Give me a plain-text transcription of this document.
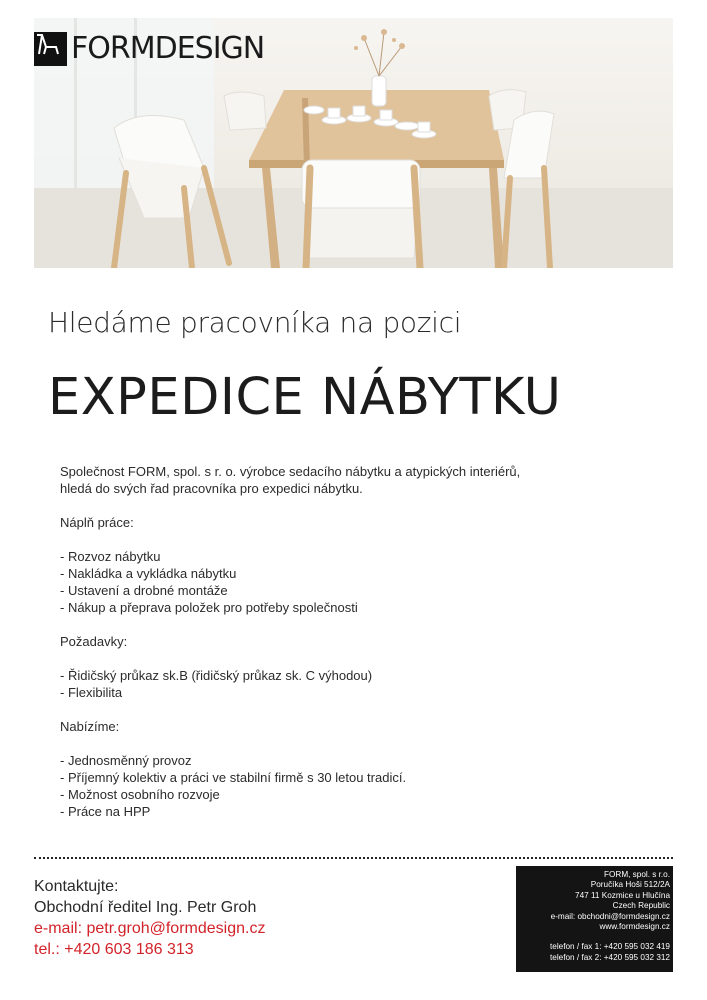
FORMDESIGN
Hledáme pracovníka na pozici
EXPEDICE NÁBYTKU

Společnost FORM, spol. s r. o. výrobce sedacího nábytku a atypických interiérů,

hledá do svých řad pracovníka pro expedici nábytku.

Náplň práce:

- Rozvoz nábytku

- Nakládka a vykládka nábytku

- Ustavení a drobné montáže

- Nákup a přeprava položek pro potřeby společnosti

Požadavky:

- Řidičský průkaz sk.B (řidičský průkaz sk. C výhodou)

- Flexibilita

Nabízíme:

- Jednosměnný provoz

- Příjemný kolektiv a práci ve stabilní firmě s 30 letou tradicí.

- Možnost osobního rozvoje

- Práce na HPP

Kontaktujte:
Obchodní ředitel Ing. Petr Groh
e-mail: petr.groh@formdesign.cz
tel.: +420 603 186 313
FORM, spol. s r.o.
Poručíka Hoši 512/2A
747 11 Kozmice u Hlučína
Czech Republic
e-mail: obchodni@formdesign.cz
www.formdesign.cz
telefon / fax 1: +420 595 032 419
telefon / fax 2: +420 595 032 312
